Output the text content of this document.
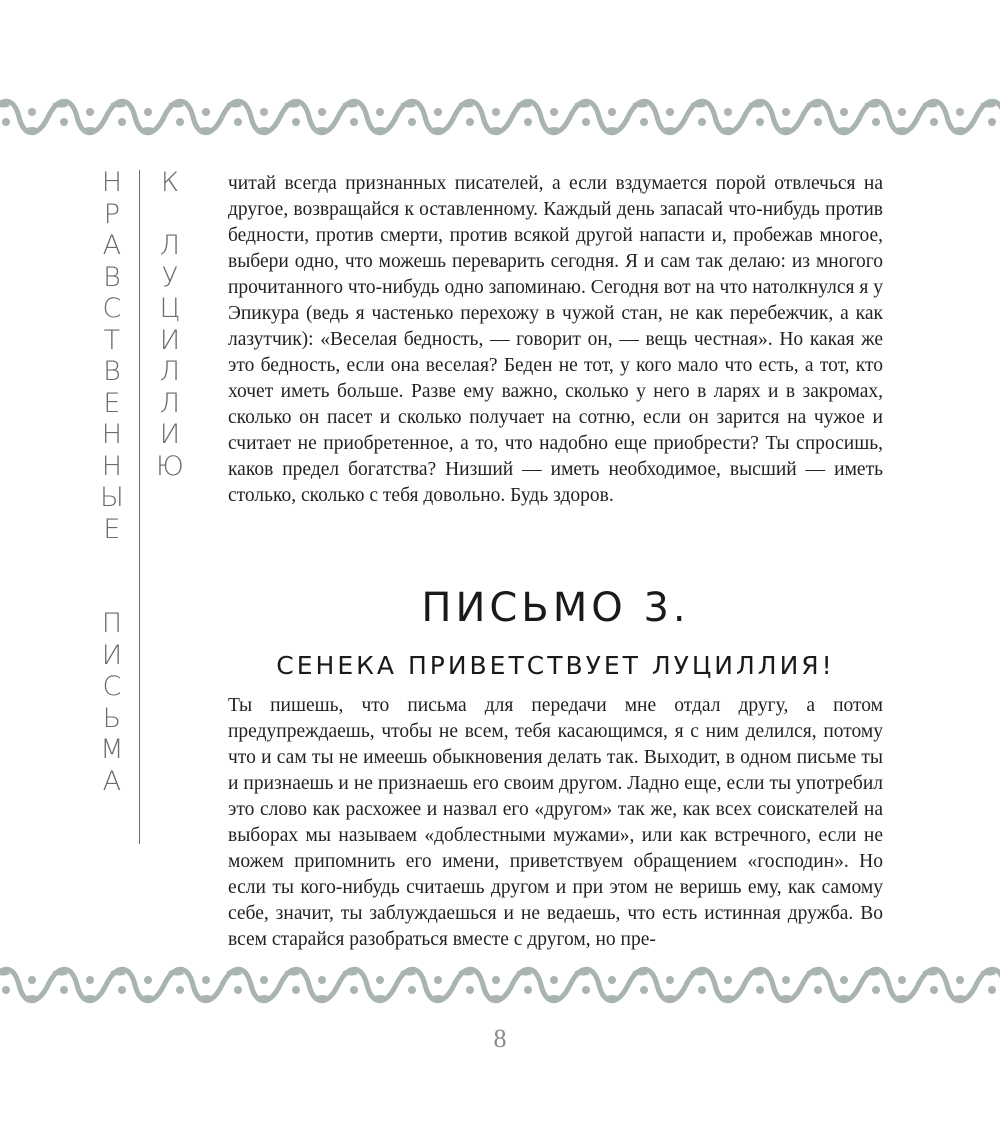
Н
Р
А
В
С
Т
В
Е
Н
Н
Ы
Е

П
И
С
Ь
М
А
К

Л
У
Ц
И
Л
Л
И
Ю

читай всегда признанных писателей, а если вздумается порой отвлечься на другое, возвращайся к оставленному. Каждый день запасай что-нибудь против бедности, против смерти, против всякой другой напасти и, пробежав многое, выбери одно, что можешь переварить сегодня. Я и сам так делаю: из многого прочитанного что-нибудь одно запоминаю. Сегодня вот на что натолкнулся я у Эпикура (ведь я частенько перехожу в чужой стан, не как перебежчик, а как лазутчик): «Веселая бедность, — говорит он, — вещь честная». Но какая же это бедность, если она веселая? Беден не тот, у кого мало что есть, а тот, кто хочет иметь больше. Разве ему важно, сколько у него в ларях и в закромах, сколько он пасет и сколько получает на сотню, если он зарится на чужое и считает не приобретенное, а то, что надобно еще приобрести? Ты спросишь, каков предел богатства? Низший — иметь необходимое, высший — иметь столько, сколько с тебя довольно. Будь здоров.

ПИСЬМО 3.
СЕНЕКА ПРИВЕТСТВУЕТ ЛУЦИЛЛИЯ!

Ты пишешь, что письма для передачи мне отдал другу, а потом предупреждаешь, чтобы не всем, тебя касающимся, я с ним делился, потому что и сам ты не имеешь обыкновения делать так. Выходит, в одном письме ты и признаешь и не признаешь его своим другом. Ладно еще, если ты употребил это слово как расхожее и назвал его «другом» так же, как всех соискателей на выборах мы называем «доблестными мужами», или как встречного, если не можем припомнить его имени, приветствуем обращением «господин». Но если ты кого-нибудь считаешь другом и при этом не веришь ему, как самому себе, значит, ты заблуждаешься и не ведаешь, что есть истинная дружба. Во всем старайся разобраться вместе с другом, но пре-

8
